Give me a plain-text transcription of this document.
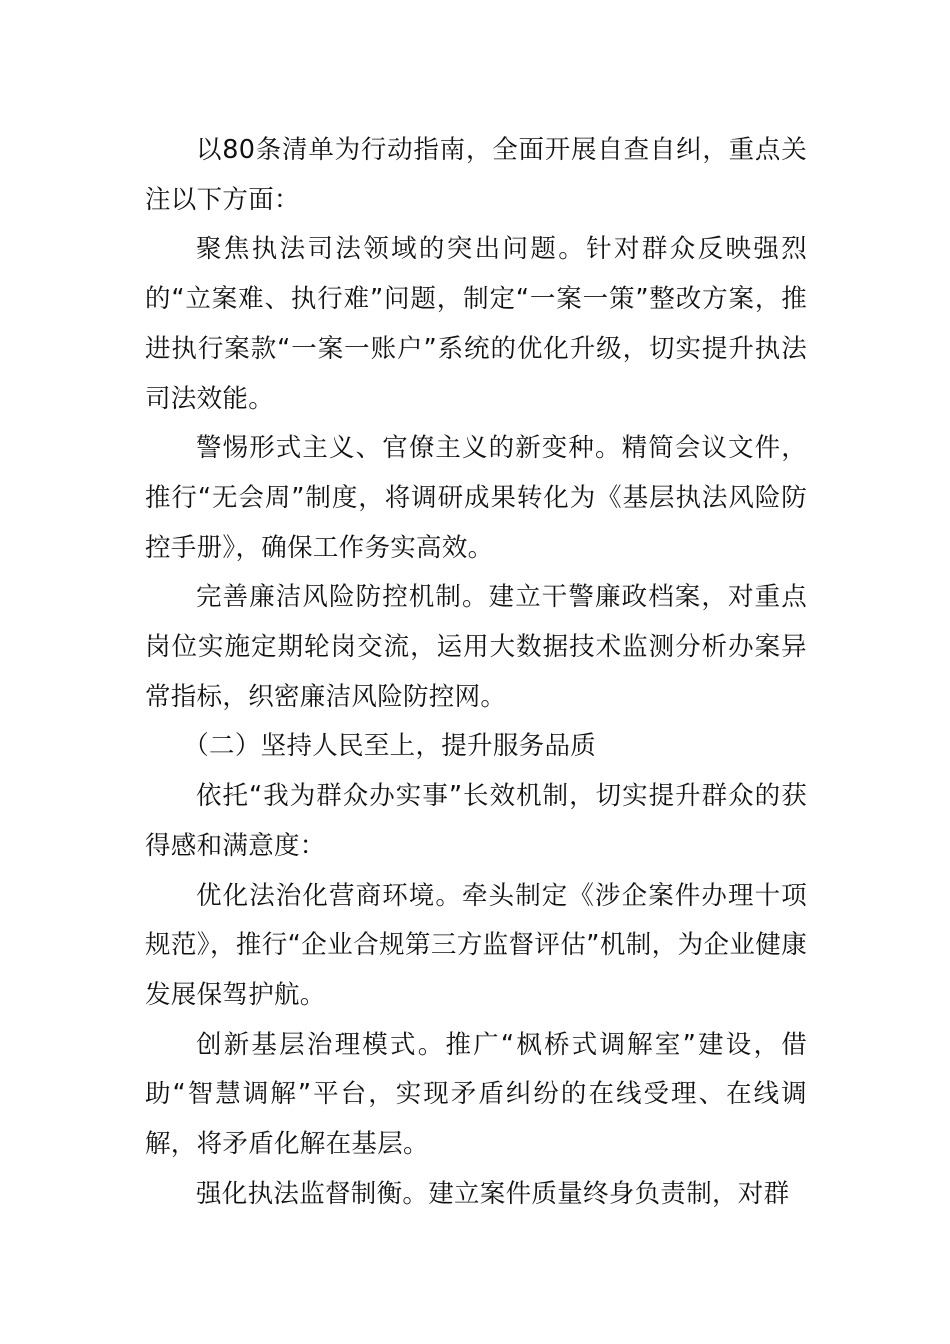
以80条清单为行动指南，全面开展自查自纠，重点关注以下方面：

聚焦执法司法领域的突出问题。针对群众反映强烈的“立案难、执行难”问题，制定“一案一策”整改方案，推进执行案款“一案一账户”系统的优化升级，切实提升执法司法效能。

警惕形式主义、官僚主义的新变种。精简会议文件，推行“无会周”制度，将调研成果转化为《基层执法风险防控手册》，确保工作务实高效。

完善廉洁风险防控机制。建立干警廉政档案，对重点岗位实施定期轮岗交流，运用大数据技术监测分析办案异常指标，织密廉洁风险防控网。

（二）坚持人民至上，提升服务品质

依托“我为群众办实事”长效机制，切实提升群众的获得感和满意度：

优化法治化营商环境。牵头制定《涉企案件办理十项规范》，推行“企业合规第三方监督评估”机制，为企业健康发展保驾护航。

创新基层治理模式。推广“枫桥式调解室”建设，借助“智慧调解”平台，实现矛盾纠纷的在线受理、在线调解，将矛盾化解在基层。

强化执法监督制衡。建立案件质量终身负责制，对群
